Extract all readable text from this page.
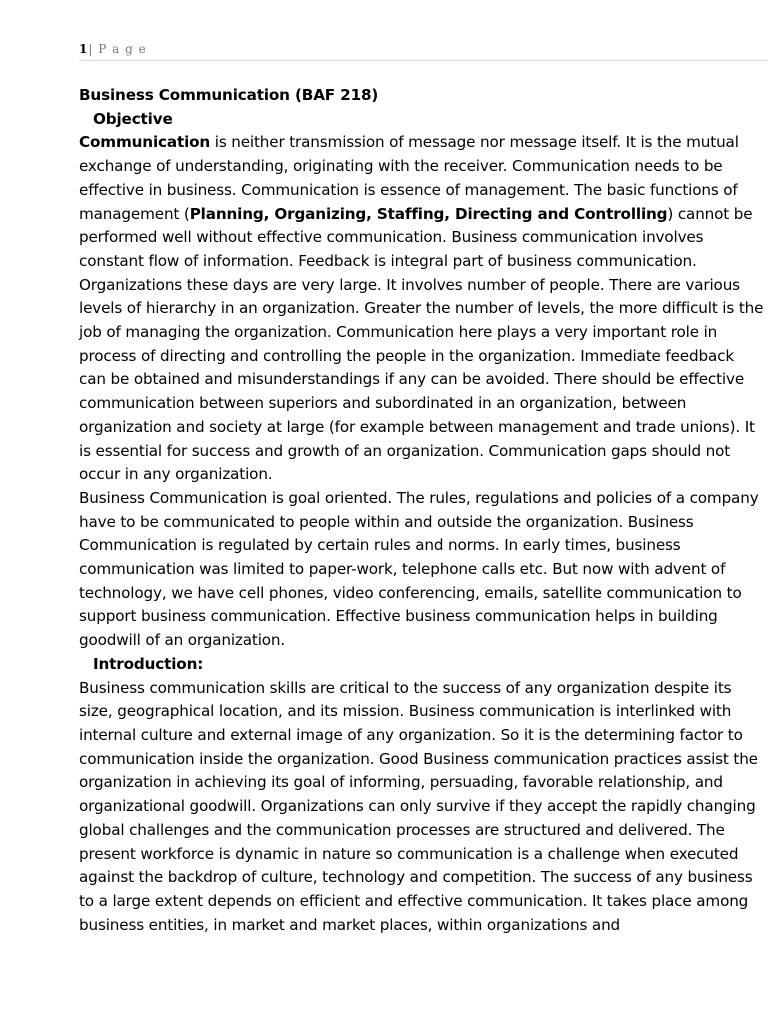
1| P a g e

Business Communication (BAF 218)

Objective

Communication is neither transmission of message nor message itself. It is the mutual exchange of understanding, originating with the receiver. Communication needs to be effective in business. Communication is essence of management. The basic functions of management (Planning, Organizing, Staffing, Directing and Controlling) cannot be performed well without effective communication. Business communication involves constant flow of information. Feedback is integral part of business communication. Organizations these days are very large. It involves number of people. There are various levels of hierarchy in an organization. Greater the number of levels, the more difficult is the job of managing the organization. Communication here plays a very important role in process of directing and controlling the people in the organization. Immediate feedback can be obtained and misunderstandings if any can be avoided. There should be effective communication between superiors and subordinated in an organization, between organization and society at large (for example between management and trade unions). It is essential for success and growth of an organization. Communication gaps should not occur in any organization.

Business Communication is goal oriented. The rules, regulations and policies of a company have to be communicated to people within and outside the organization. Business Communication is regulated by certain rules and norms. In early times, business communication was limited to paper-work, telephone calls etc. But now with advent of technology, we have cell phones, video conferencing, emails, satellite communication to support business communication. Effective business communication helps in building goodwill of an organization.

Introduction:

Business communication skills are critical to the success of any organization despite its size, geographical location, and its mission. Business communication is interlinked with internal culture and external image of any organization. So it is the determining factor to communication inside the organization. Good Business communication practices assist the organization in achieving its goal of informing, persuading, favorable relationship, and organizational goodwill. Organizations can only survive if they accept the rapidly changing global challenges and the communication processes are structured and delivered. The present workforce is dynamic in nature so communication is a challenge when executed against the backdrop of culture, technology and competition. The success of any business to a large extent depends on efficient and effective communication. It takes place among business entities, in market and market places, within organizations and
